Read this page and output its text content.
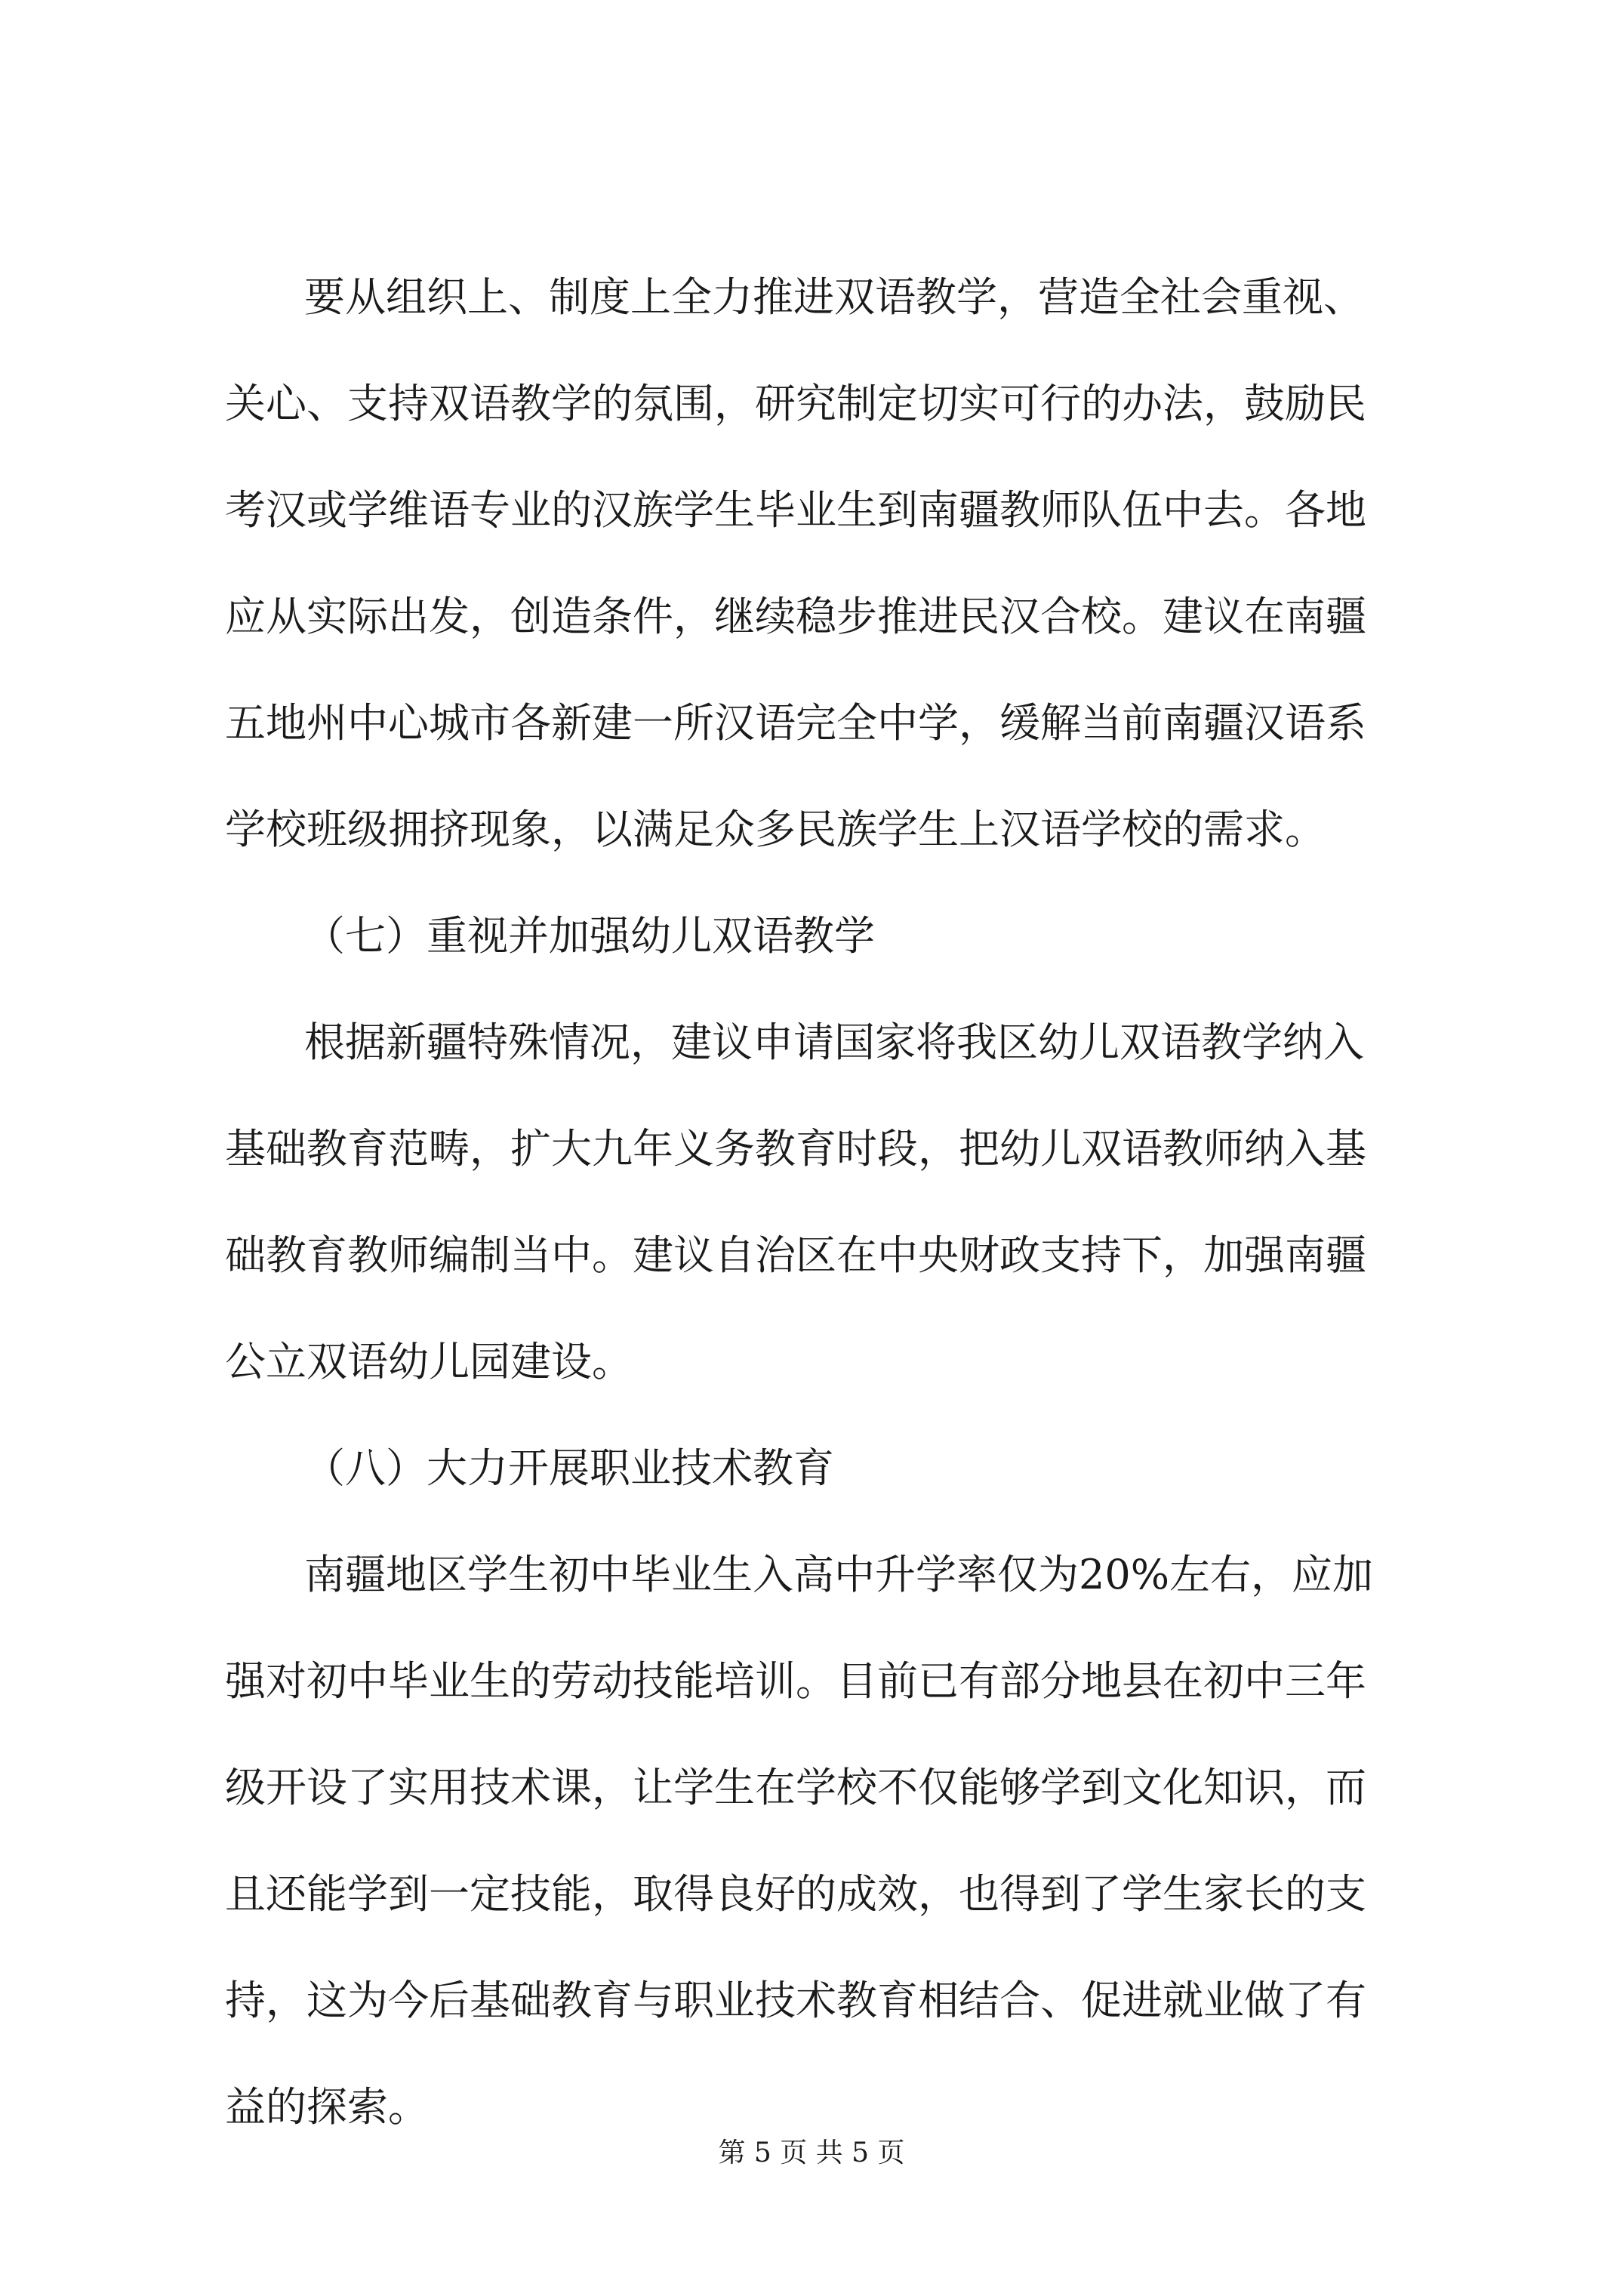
要从组织上、制度上全力推进双语教学，营造全社会重视、

关心、支持双语教学的氛围，研究制定切实可行的办法，鼓励民

考汉或学维语专业的汉族学生毕业生到南疆教师队伍中去。各地

应从实际出发，创造条件，继续稳步推进民汉合校。建议在南疆

五地州中心城市各新建一所汉语完全中学，缓解当前南疆汉语系

学校班级拥挤现象，以满足众多民族学生上汉语学校的需求。

（七）重视并加强幼儿双语教学

根据新疆特殊情况，建议申请国家将我区幼儿双语教学纳入

基础教育范畴，扩大九年义务教育时段，把幼儿双语教师纳入基

础教育教师编制当中。建议自治区在中央财政支持下，加强南疆

公立双语幼儿园建设。

（八）大力开展职业技术教育

南疆地区学生初中毕业生入高中升学率仅为20%左右，应加

强对初中毕业生的劳动技能培训。目前已有部分地县在初中三年

级开设了实用技术课，让学生在学校不仅能够学到文化知识，而

且还能学到一定技能，取得良好的成效，也得到了学生家长的支

持，这为今后基础教育与职业技术教育相结合、促进就业做了有

益的探索。

第 5 页 共 5 页
